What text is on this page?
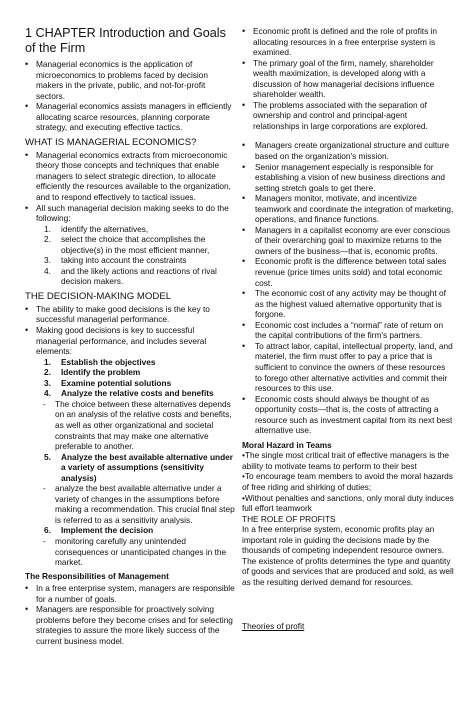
1 CHAPTER Introduction and Goals of the Firm
• Managerial economics is the application of microeconomics to problems faced by decision makers in the private, public, and not-for-profit sectors.
• Managerial economics assists managers in efficiently allocating scarce resources, planning corporate strategy, and executing effective tactics.
WHAT IS MANAGERIAL ECONOMICS?
• Managerial economics extracts from microeconomic theory those concepts and techniques that enable managers to select strategic direction, to allocate efficiently the resources available to the organization, and to respond effectively to tactical issues.
• All such managerial decision making seeks to do the following:
1. identify the alternatives,
2. select the choice that accomplishes the objective(s) in the most efficient manner,
3. taking into account the constraints
4. and the likely actions and reactions of rival decision makers.
THE DECISION-MAKING MODEL
• The ability to make good decisions is the key to successful managerial performance.
• Making good decisions is key to successful managerial performance, and includes several elements:
1. Establish the objectives
2. Identify the problem
3. Examine potential solutions
4. Analyze the relative costs and benefits
- The choice between these alternatives depends on an analysis of the relative costs and benefits, as well as other organizational and societal constraints that may make one alternative preferable to another.
5. Analyze the best available alternative under a variety of assumptions (sensitivity analysis)
- analyze the best available alternative under a variety of changes in the assumptions before making a recommendation. This crucial final step is referred to as a sensitivity analysis.
6. Implement the decision
- monitoring carefully any unintended consequences or unanticipated changes in the market.
The Responsibilities of Management
• In a free enterprise system, managers are responsible for a number of goals.
• Managers are responsible for proactively solving problems before they become crises and for selecting strategies to assure the more likely success of the current business model.
• Economic profit is defined and the role of profits in allocating resources in a free enterprise system is examined.
• The primary goal of the firm, namely, shareholder wealth maximization, is developed along with a discussion of how managerial decisions influence shareholder wealth.
• The problems associated with the separation of ownership and control and principal-agent relationships in large corporations are explored.
• Managers create organizational structure and culture based on the organization's mission.
• Senior management especially is responsible for establishing a vision of new business directions and setting stretch goals to get there.
• Managers monitor, motivate, and incentivize teamwork and coordinate the integration of marketing, operations, and finance functions.
• Managers in a capitalist economy are ever conscious of their overarching goal to maximize returns to the owners of the business—that is, economic profits.
• Economic profit is the difference between total sales revenue (price times units sold) and total economic cost.
• The economic cost of any activity may be thought of as the highest valued alternative opportunity that is forgone.
• Economic cost includes a “normal” rate of return on the capital contributions of the firm's partners.
• To attract labor, capital, intellectual property, land, and materiel, the firm must offer to pay a price that is sufficient to convince the owners of these resources to forego other alternative activities and commit their resources to this use.
• Economic costs should always be thought of as opportunity costs—that is, the costs of attracting a resource such as investment capital from its next best alternative use.
Moral Hazard in Teams

•The single most critical trait of effective managers is the ability to motivate teams to perform to their best

•To encourage team members to avoid the moral hazards of free riding and shirking of duties;

•Without penalties and sanctions, only moral duty induces full effort teamwork

THE ROLE OF PROFITS

In a free enterprise system, economic profits play an important role in guiding the decisions made by the thousands of competing independent resource owners.

The existence of profits determines the type and quantity of goods and services that are produced and sold, as well as the resulting derived demand for resources.

Theories of profit
